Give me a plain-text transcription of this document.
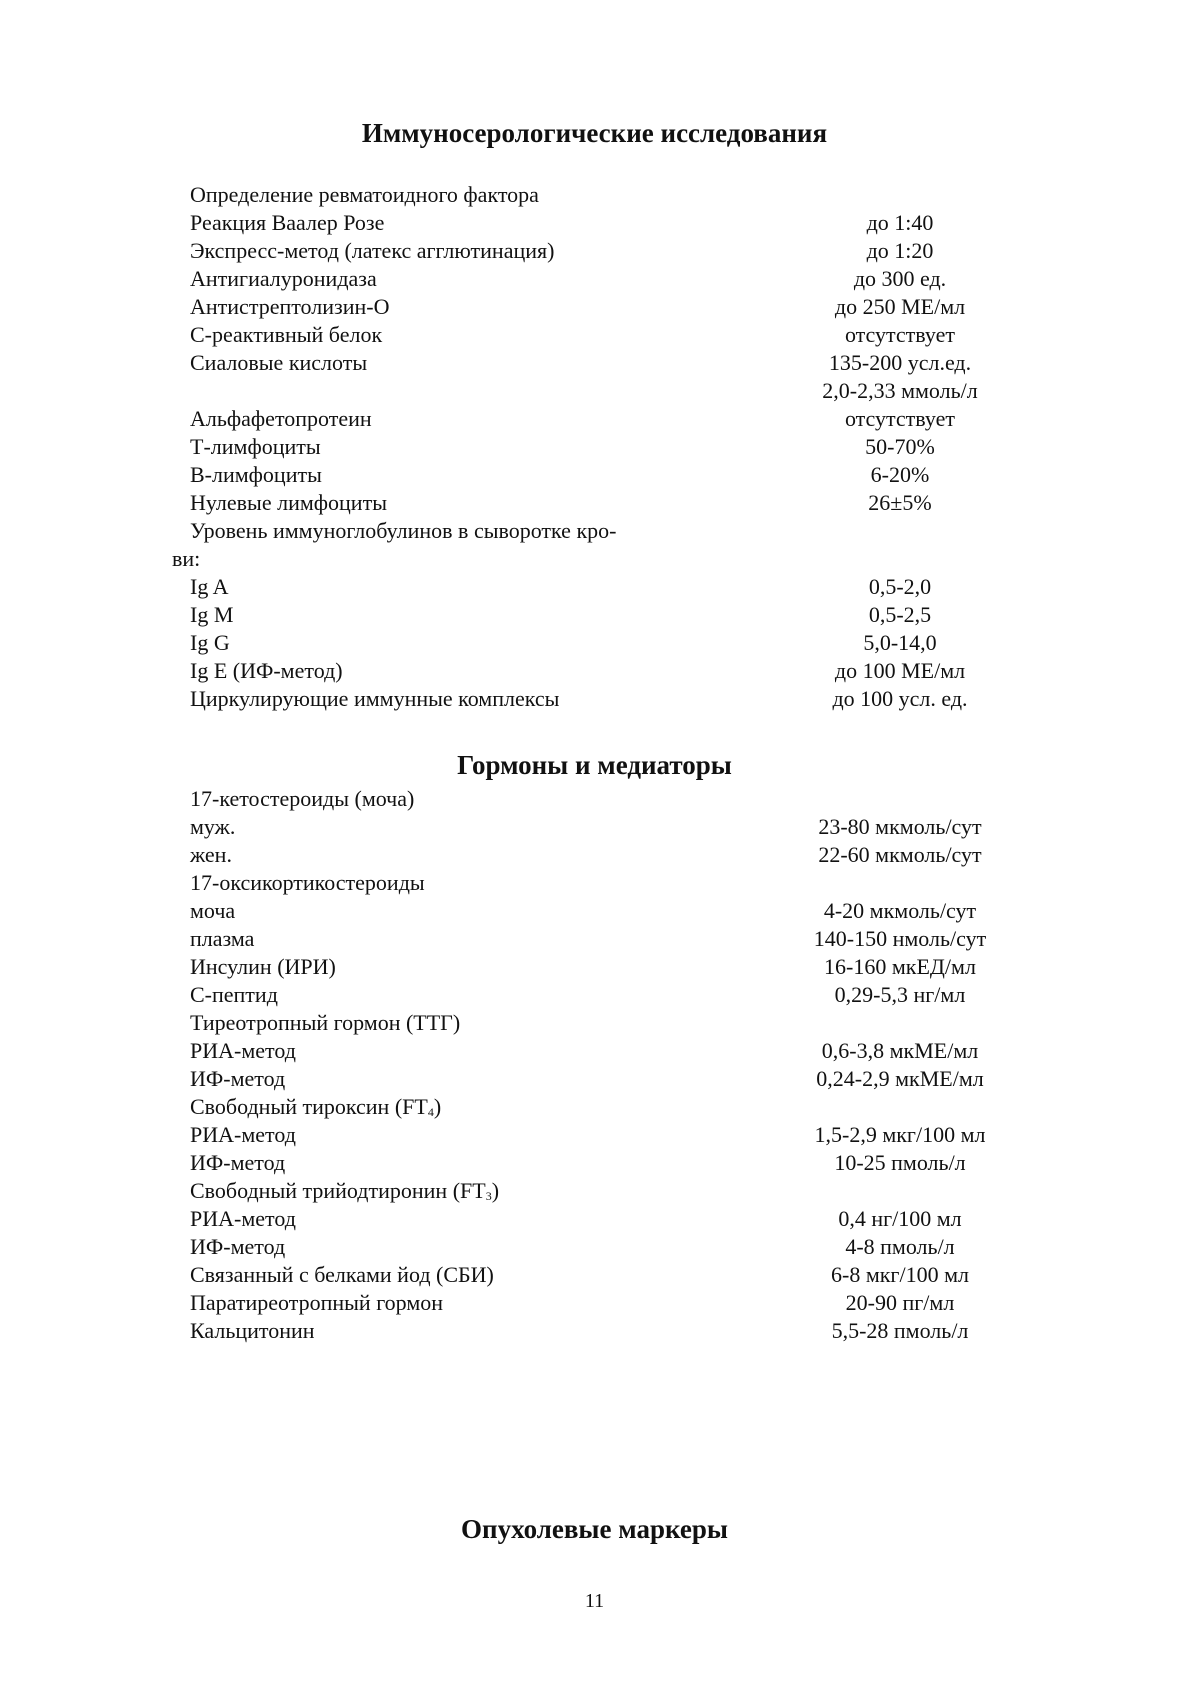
Иммуносерологические исследования
Определение ревматоидного фактора
Реакция Ваалер Розе	до 1:40
Экспресс-метод (латекс агглютинация)	до 1:20
Антигиалуронидаза	до 300 ед.
Антистрептолизин-О	до 250 МЕ/мл
С-реактивный белок	отсутствует
Сиаловые кислоты	135-200 усл.ед.
2,0-2,33 ммоль/л
Альфафетопротеин	отсутствует
Т-лимфоциты	50-70%
В-лимфоциты	6-20%
Нулевые лимфоциты	26±5%
Уровень иммуноглобулинов в сыворотке кро-
ви:
Ig A	0,5-2,0
Ig M	0,5-2,5
Ig G	5,0-14,0
Ig E (ИФ-метод)	до 100 МЕ/мл
Циркулирующие иммунные комплексы	до 100 усл. ед.
Гормоны и медиаторы
17-кетостероиды (моча)
муж.	23-80 мкмоль/сут
жен.	22-60 мкмоль/сут
17-оксикортикостероиды
моча	4-20 мкмоль/сут
плазма	140-150 нмоль/сут
Инсулин (ИРИ)	16-160 мкЕД/мл
С-пептид	0,29-5,3 нг/мл
Тиреотропный гормон (ТТГ)
РИА-метод	0,6-3,8 мкМЕ/мл
ИФ-метод	0,24-2,9 мкМЕ/мл
Свободный тироксин $(FT_4)$
РИА-метод	1,5-2,9 мкг/100 мл
ИФ-метод	10-25 пмоль/л
Свободный трийодтиронин $(FT_3)$
РИА-метод	0,4 нг/100 мл
ИФ-метод	4-8 пмоль/л
Связанный с белками йод (СБИ)	6-8 мкг/100 мл
Паратиреотропный гормон	20-90 пг/мл
Кальцитонин	5,5-28 пмоль/л
Опухолевые маркеры
11
